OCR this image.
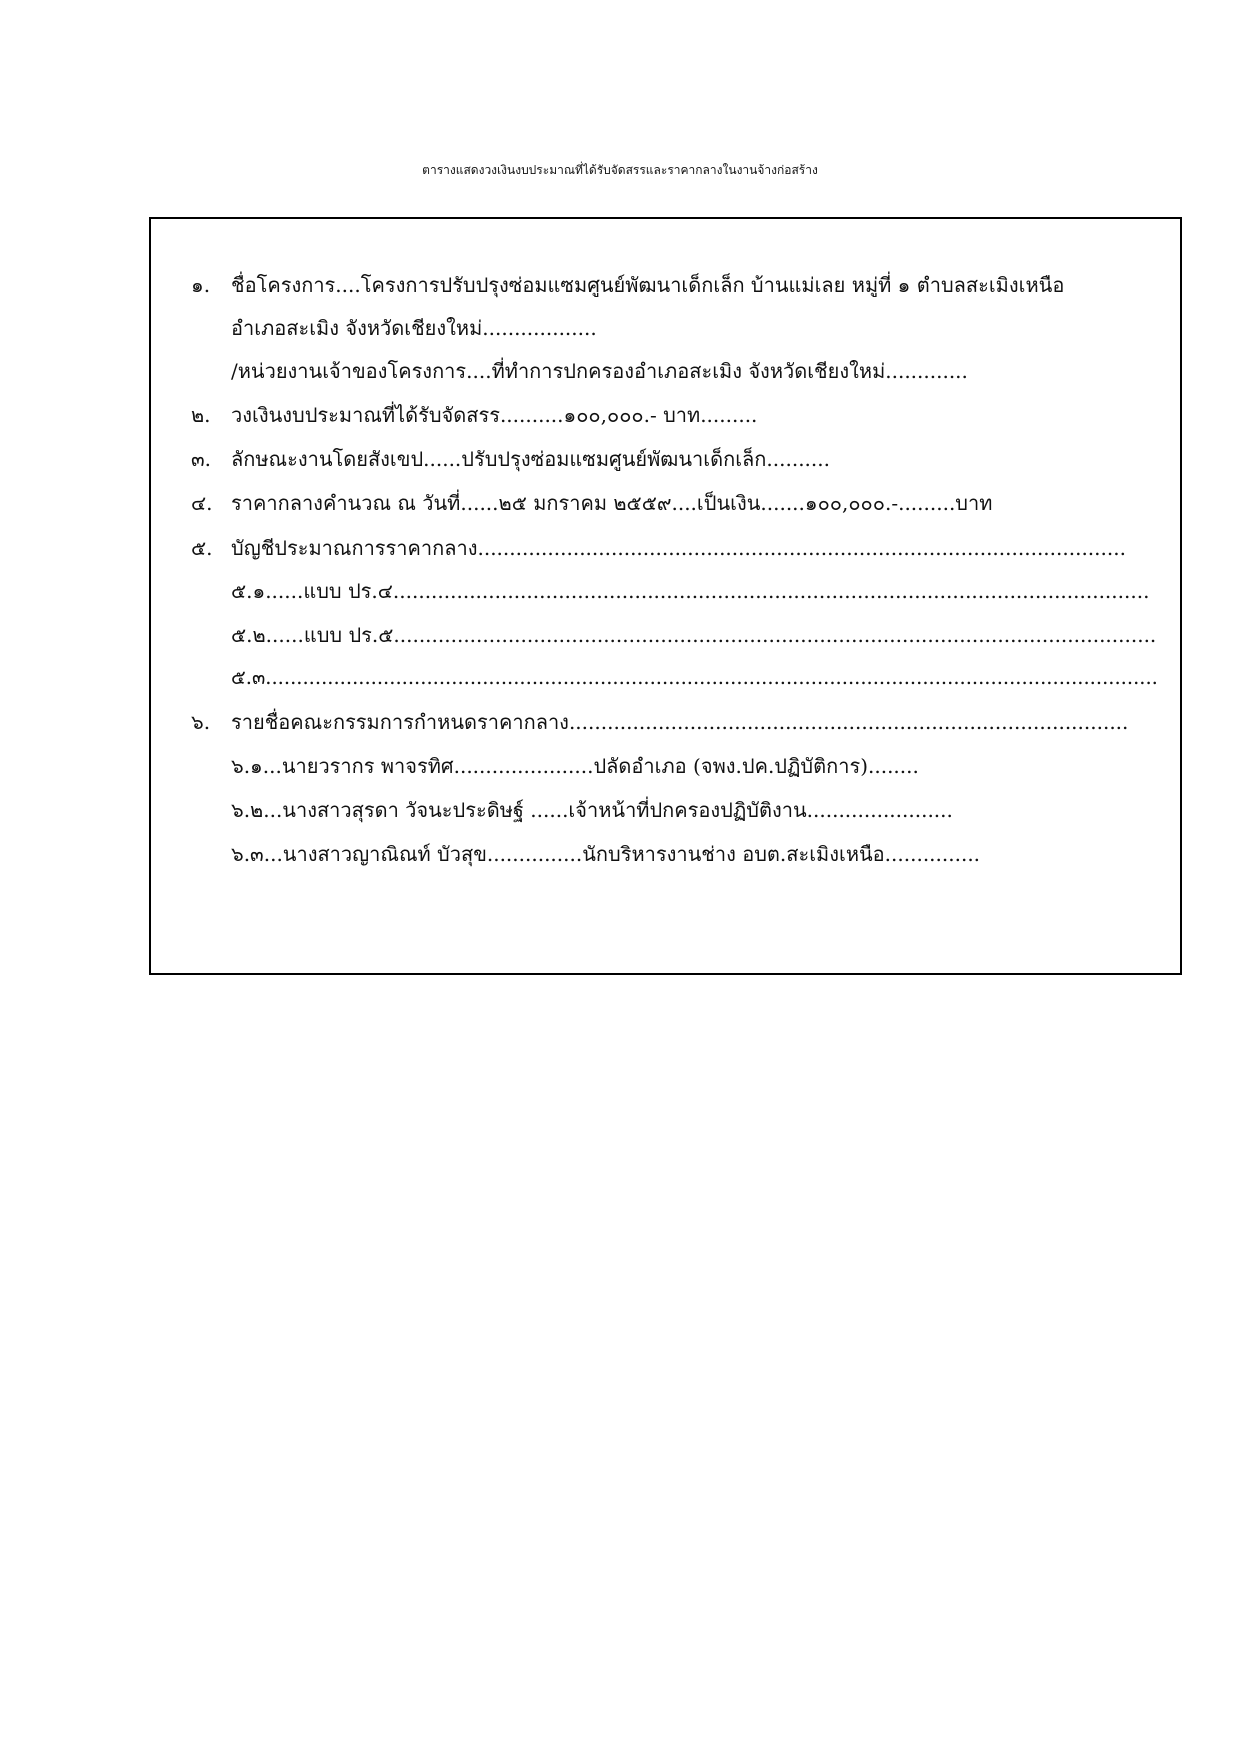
ตารางแสดงวงเงินงบประมาณที่ได้รับจัดสรรและราคากลางในงานจ้างก่อสร้าง
๑. ชื่อโครงการ....โครงการปรับปรุงซ่อมแซมศูนย์พัฒนาเด็กเล็ก บ้านแม่เลย หมู่ที่ ๑ ตำบลสะเมิงเหนือ
อำเภอสะเมิง จังหวัดเชียงใหม่..................
/หน่วยงานเจ้าของโครงการ....ที่ทำการปกครองอำเภอสะเมิง จังหวัดเชียงใหม่.............
๒. วงเงินงบประมาณที่ได้รับจัดสรร..........๑๐๐,๐๐๐.- บาท.........
๓. ลักษณะงานโดยสังเขป......ปรับปรุงซ่อมแซมศูนย์พัฒนาเด็กเล็ก..........
๔. ราคากลางคำนวณ ณ วันที่......๒๕ มกราคม ๒๕๕๙....เป็นเงิน.......๑๐๐,๐๐๐.-.........บาท
๕. บัญชีประมาณการราคากลาง......................................................................................................
๕.๑......แบบ ปร.๔.......................................................................................................................
๕.๒......แบบ ปร.๕........................................................................................................................
๕.๓................................................................................................................................................
๖. รายชื่อคณะกรรมการกำหนดราคากลาง........................................................................................
๖.๑...นายวรากร พาจรทิศ......................ปลัดอำเภอ (จพง.ปค.ปฏิบัติการ)........
๖.๒...นางสาวสุรดา วัจนะประดิษฐ์ ......เจ้าหน้าที่ปกครองปฏิบัติงาน.......................
๖.๓...นางสาวญาณิณท์ บัวสุข...............นักบริหารงานช่าง อบต.สะเมิงเหนือ...............
